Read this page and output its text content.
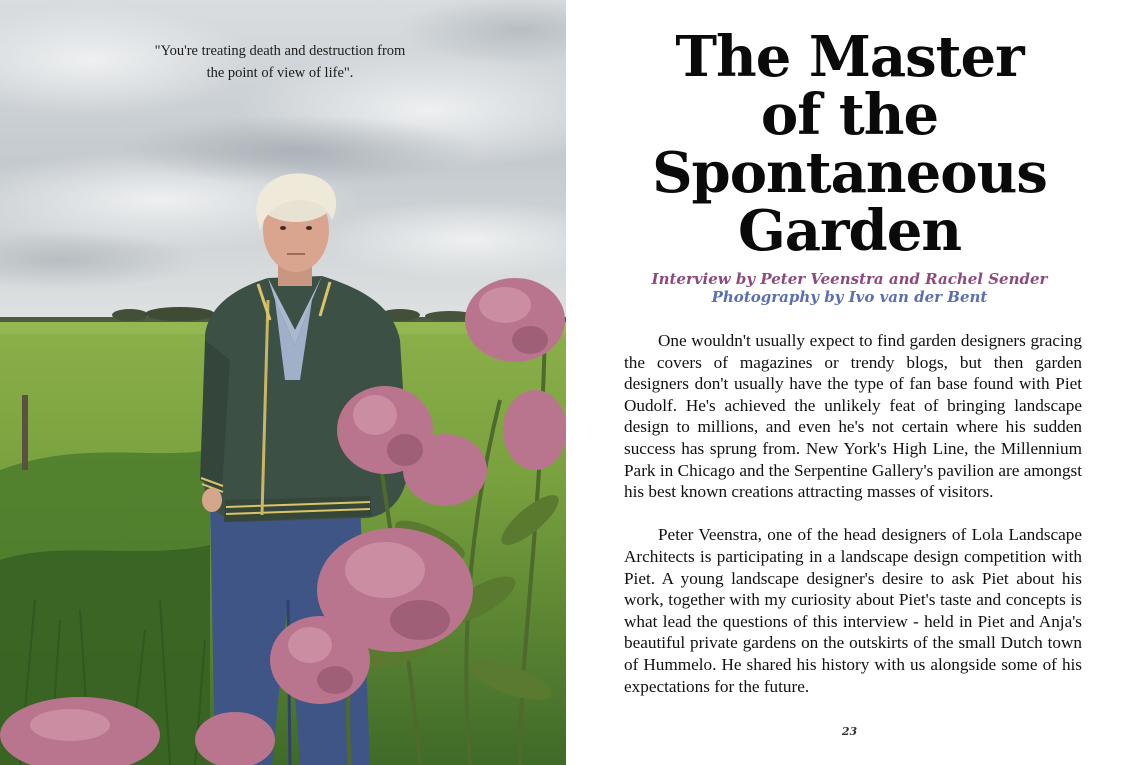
"You're treating death and destruction from
the point of view of life".	The Master
of the
Spontaneous
Garden
Interview by Peter Veenstra and Rachel Sender
Photography by Ivo van der Bent

One wouldn't usually expect to find garden designers gracing the covers of magazines or trendy blogs, but then garden designers don't usually have the type of fan base found with Piet Oudolf. He's achieved the unlikely feat of bringing landscape design to millions, and even he's not certain where his sudden success has sprung from. New York's High Line, the Millennium Park in Chicago and the Serpentine Gallery's pavilion are amongst his best known creations attracting masses of visitors.

Peter Veenstra, one of the head designers of Lola Landscape Architects is participating in a landscape design competition with Piet. A young landscape designer's desire to ask Piet about his work, together with my curiosity about Piet's taste and concepts is what lead the questions of this interview - held in Piet and Anja's beautiful private gardens on the outskirts of the small Dutch town of Hummelo. He shared his history with us alongside some of his expectations for the future.

23
